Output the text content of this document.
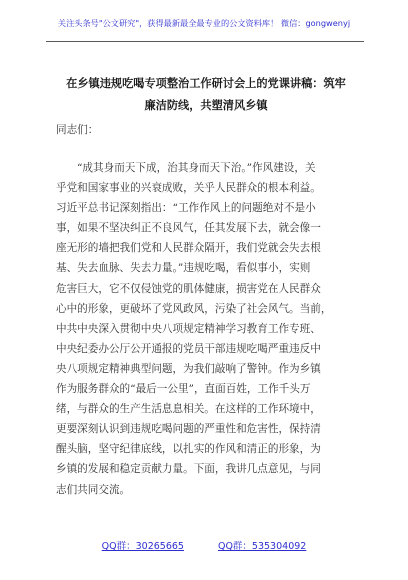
关注头条号"公文研究"，获得最新最全最专业的公文资料库！ 微信：gongwenyj
在乡镇违规吃喝专项整治工作研讨会上的党课讲稿：筑牢
廉洁防线，共塑清风乡镇
同志们：

“成其身而天下成，治其身而天下治。”作风建设，关
乎党和国家事业的兴衰成败，关乎人民群众的根本利益。
习近平总书记深刻指出：“工作作风上的问题绝对不是小
事，如果不坚决纠正不良风气，任其发展下去，就会像一
座无形的墙把我们党和人民群众隔开，我们党就会失去根
基、失去血脉、失去力量。”违规吃喝，看似事小，实则
危害巨大，它不仅侵蚀党的肌体健康，损害党在人民群众
心中的形象，更破坏了党风政风，污染了社会风气。当前，
中共中央深入贯彻中央八项规定精神学习教育工作专班、
中央纪委办公厅公开通报的党员干部违规吃喝严重违反中
央八项规定精神典型问题，为我们敲响了警钟。作为乡镇
作为服务群众的“最后一公里”，直面百姓，工作千头万
绪，与群众的生产生活息息相关。在这样的工作环境中，
更要深刻认识到违规吃喝问题的严重性和危害性，保持清
醒头脑，坚守纪律底线，以扎实的作风和清正的形象，为
乡镇的发展和稳定贡献力量。下面，我讲几点意见，与同
志们共同交流。

QQ群：30265665	QQ群：535304092
